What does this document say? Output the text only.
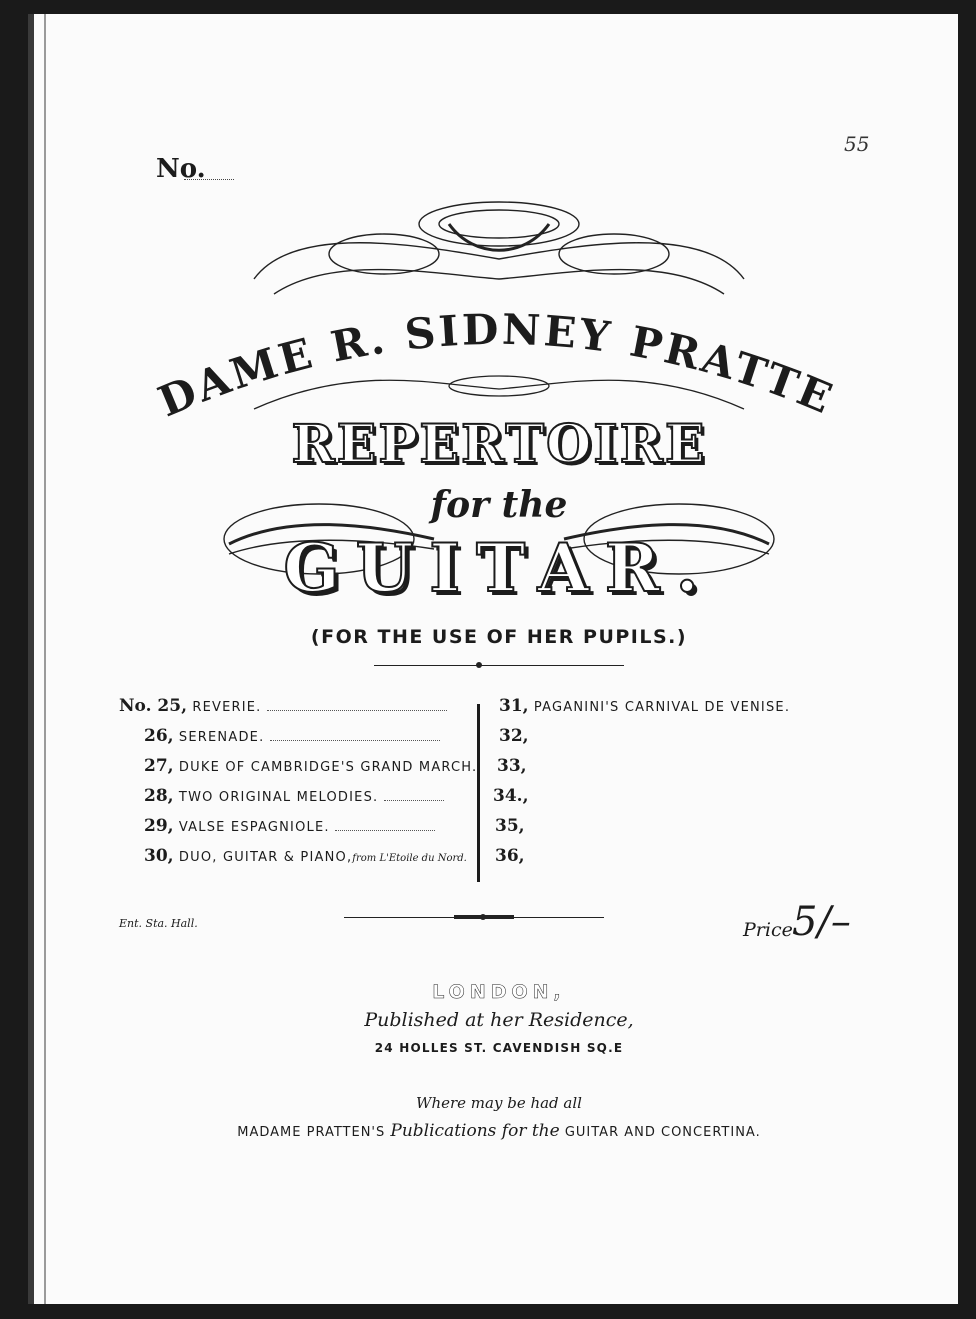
No.
55
DAME R. SIDNEY PRATTE
REPERTOIRE
for the
GUITAR.
(FOR THE USE OF HER PUPILS.)
No. 25, REVERIE.
26, SERENADE.
27, DUKE OF CAMBRIDGE'S GRAND MARCH.
28, TWO ORIGINAL MELODIES.
29, VALSE ESPAGNIOLE.
30, DUO, GUITAR & PIANO,from L'Etoile du Nord.
31, PAGANINI'S CARNIVAL DE VENISE.
32,
33,
34.,
35,
36,
Ent. Sta. Hall.	Price 5/–
LONDON,
Published at her Residence,
24 HOLLES ST. CAVENDISH SQ.E
Where may be had all
MADAME PRATTEN'S Publications for the GUITAR AND CONCERTINA.
